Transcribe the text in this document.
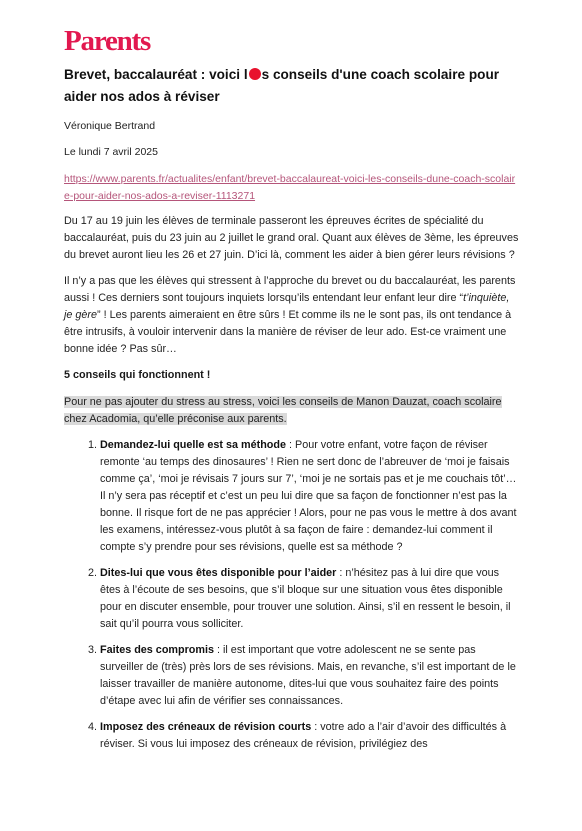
Parents
Brevet, baccalauréat : voici l s conseils d'une coach scolaire pour aider nos ados à réviser
Véronique Bertrand
Le lundi 7 avril 2025
https://www.parents.fr/actualites/enfant/brevet-baccalaureat-voici-les-conseils-dune-coach-scolaire-pour-aider-nos-ados-a-reviser-1113271

Du 17 au 19 juin les élèves de terminale passeront les épreuves écrites de spécialité du baccalauréat, puis du 23 juin au 2 juillet le grand oral. Quant aux élèves de 3ème, les épreuves du brevet auront lieu les 26 et 27 juin. D’ici là, comment les aider à bien gérer leurs révisions ?

Il n’y a pas que les élèves qui stressent à l’approche du brevet ou du baccalauréat, les parents aussi ! Ces derniers sont toujours inquiets lorsqu’ils entendant leur enfant leur dire “t’inquiète, je gère” ! Les parents aimeraient en être sûrs ! Et comme ils ne le sont pas, ils ont tendance à être intrusifs, à vouloir intervenir dans la manière de réviser de leur ado. Est-ce vraiment une bonne idée ? Pas sûr…

5 conseils qui fonctionnent !

Pour ne pas ajouter du stress au stress, voici les conseils de Manon Dauzat, coach scolaire chez Acadomia, qu’elle préconise aux parents.

1. Demandez-lui quelle est sa méthode : Pour votre enfant, votre façon de réviser remonte ‘au temps des dinosaures’ ! Rien ne sert donc de l’abreuver de ‘moi je faisais comme ça’, ‘moi je révisais 7 jours sur 7’, ‘moi je ne sortais pas et je me couchais tôt’… Il n’y sera pas réceptif et c’est un peu lui dire que sa façon de fonctionner n’est pas la bonne. Il risque fort de ne pas apprécier ! Alors, pour ne pas vous le mettre à dos avant les examens, intéressez-vous plutôt à sa façon de faire : demandez-lui comment il compte s’y prendre pour ses révisions, quelle est sa méthode ?
2. Dites-lui que vous êtes disponible pour l’aider : n’hésitez pas à lui dire que vous êtes à l’écoute de ses besoins, que s’il bloque sur une situation vous êtes disponible pour en discuter ensemble, pour trouver une solution. Ainsi, s’il en ressent le besoin, il sait qu’il pourra vous solliciter.
3. Faites des compromis : il est important que votre adolescent ne se sente pas surveiller de (très) près lors de ses révisions. Mais, en revanche, s’il est important de le laisser travailler de manière autonome, dites-lui que vous souhaitez faire des points d’étape avec lui afin de vérifier ses connaissances.
4. Imposez des créneaux de révision courts : votre ado a l’air d’avoir des difficultés à réviser. Si vous lui imposez des créneaux de révision, privilégiez des
